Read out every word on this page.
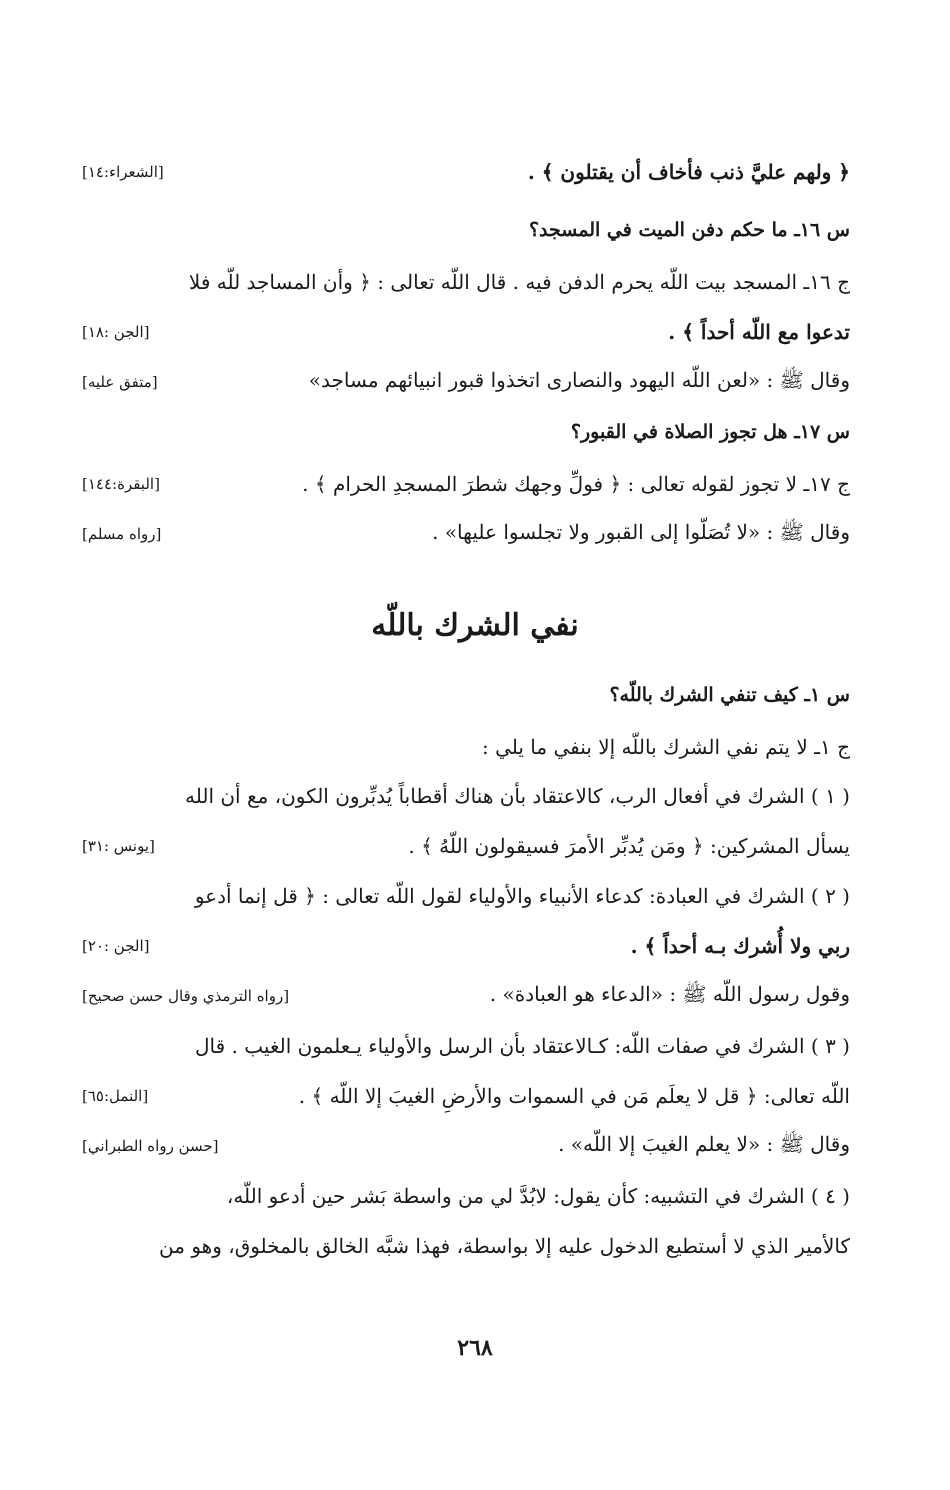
﴿ ولهم عليَّ ذنب فأخاف أن يقتلون ﴾ .
[الشعراء:١٤]
س ١٦ـ ما حكم دفن الميت في المسجد؟
ج ١٦ـ المسجد بيت اللّه يحرم الدفن فيه . قال اللّه تعالى : ﴿ وأن المساجد للّه فلا
تدعوا مع اللّه أحداً ﴾ .
[الجن :١٨]
وقال ﷺ : «لعن اللّه اليهود والنصارى اتخذوا قبور انبيائهم مساجد»
[متفق عليه]
س ١٧ـ هل تجوز الصلاة في القبور؟
ج ١٧ـ لا تجوز لقوله تعالى : ﴿ فولِّ وجهك شطرَ المسجدِ الحرام ﴾ .
[البقرة:١٤٤]
وقال ﷺ : «لا تُصَلّوا إلى القبور ولا تجلسوا عليها» .
[رواه مسلم]
نفي الشرك باللّه
س ١ـ كيف تنفي الشرك باللّه؟
ج ١ـ لا يتم نفي الشرك باللّه إلا بنفي ما يلي :
( ١ ) الشرك في أفعال الرب، كالاعتقاد بأن هناك أقطاباً يُدبِّرون الكون، مع أن الله
يسأل المشركين: ﴿ ومَن يُدبِّر الأمرَ فسيقولون اللّهُ ﴾ .
[يونس :٣١]
( ٢ ) الشرك في العبادة: كدعاء الأنبياء والأولياء لقول اللّه تعالى : ﴿ قل إنما أدعو
ربي ولا أُشرك بـه أحداً ﴾ .
[الجن :٢٠]
وقول رسول اللّه ﷺ : «الدعاء هو العبادة» .
[رواه الترمذي وقال حسن صحيح]
( ٣ ) الشرك في صفات اللّه: كـالاعتقاد بأن الرسل والأولياء يـعلمون الغيب . قال
اللّه تعالى: ﴿ قل لا يعلَم مَن في السموات والأرضِ الغيبَ إلا اللّه ﴾ .
[النمل:٦٥]
وقال ﷺ : «لا يعلم الغيبَ إلا اللّه» .
[حسن رواه الطبراني]
( ٤ ) الشرك في التشبيه: كأن يقول: لابُدَّ لي من واسطة بَشر حين أدعو اللّه،
كالأمير الذي لا أستطيع الدخول عليه إلا بواسطة، فهذا شبَّه الخالق بالمخلوق، وهو من
٢٦٨
